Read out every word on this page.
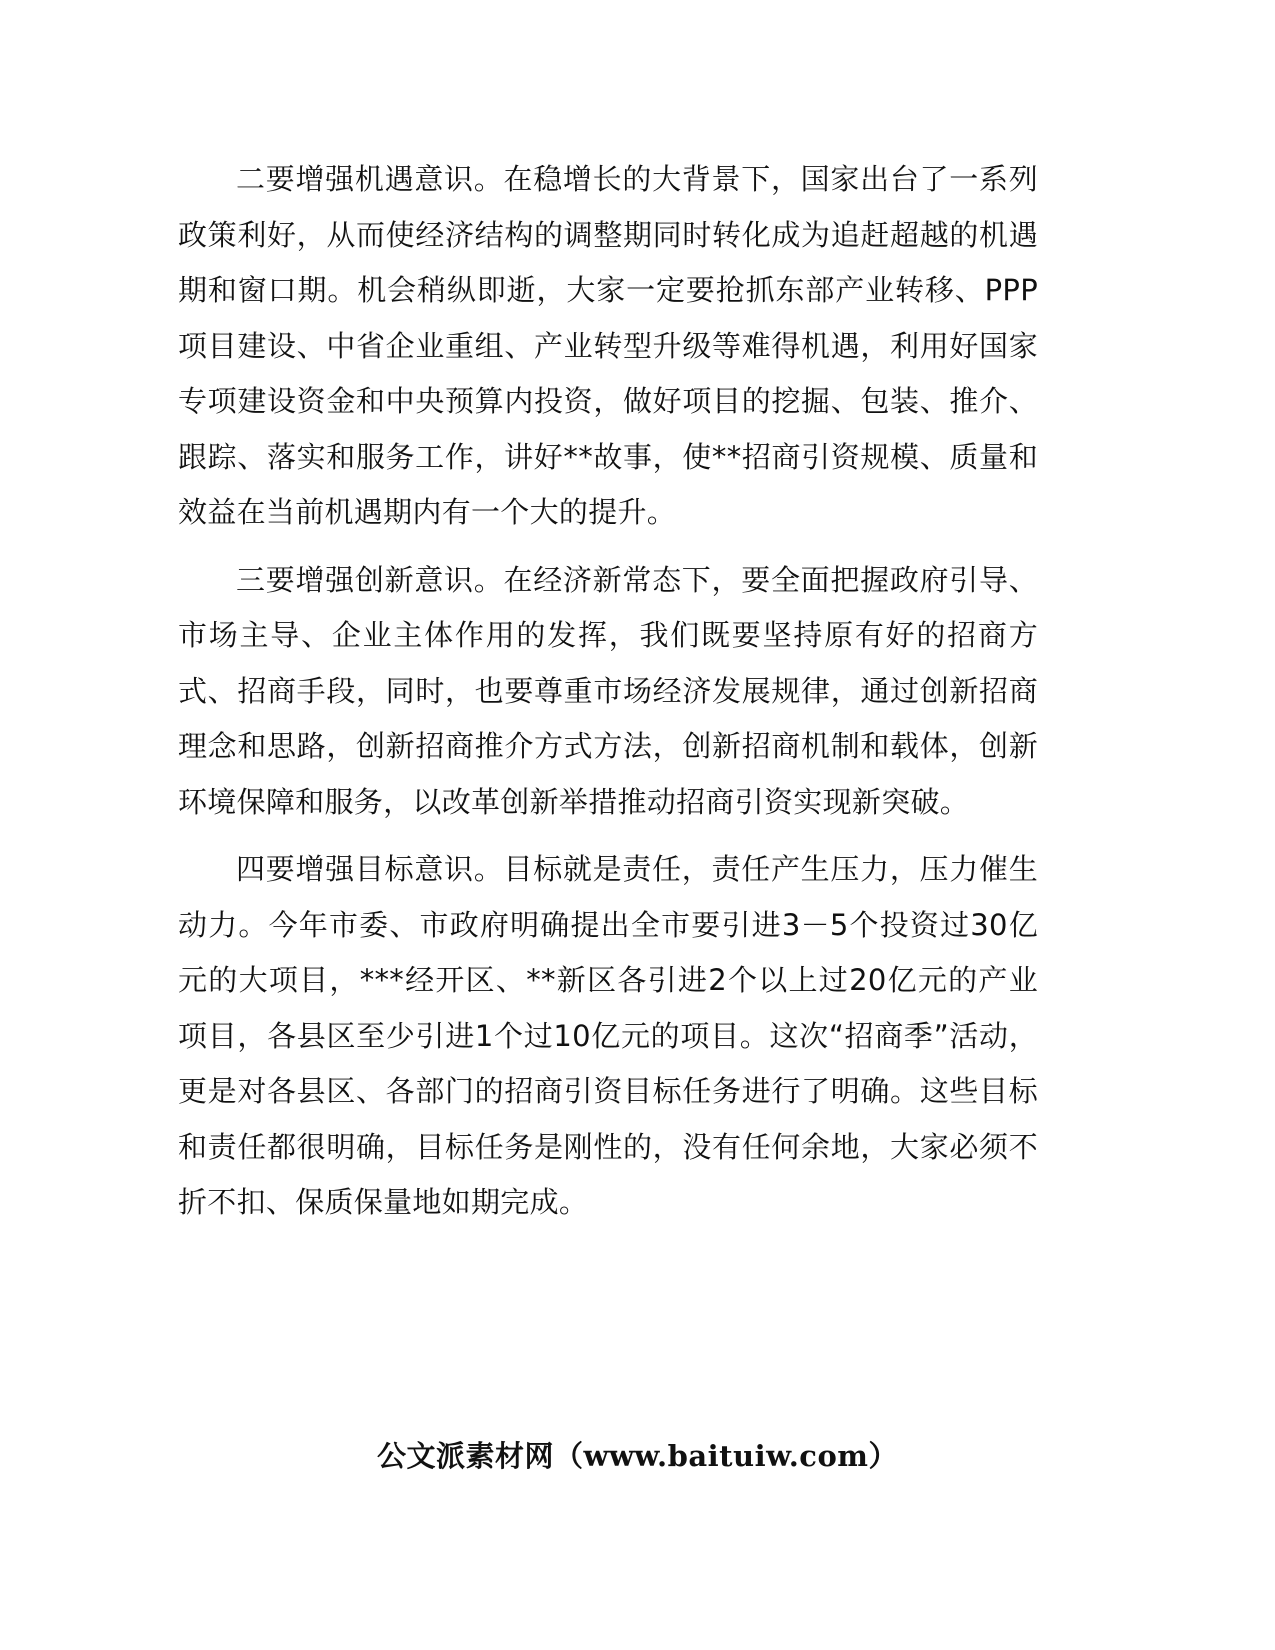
二要增强机遇意识。在稳增长的大背景下，国家出台了一系列政策利好，从而使经济结构的调整期同时转化成为追赶超越的机遇期和窗口期。机会稍纵即逝，大家一定要抢抓东部产业转移、PPP项目建设、中省企业重组、产业转型升级等难得机遇，利用好国家专项建设资金和中央预算内投资，做好项目的挖掘、包装、推介、跟踪、落实和服务工作，讲好**故事，使**招商引资规模、质量和效益在当前机遇期内有一个大的提升。

三要增强创新意识。在经济新常态下，要全面把握政府引导、市场主导、企业主体作用的发挥，我们既要坚持原有好的招商方式、招商手段，同时，也要尊重市场经济发展规律，通过创新招商理念和思路，创新招商推介方式方法，创新招商机制和载体，创新环境保障和服务，以改革创新举措推动招商引资实现新突破。

四要增强目标意识。目标就是责任，责任产生压力，压力催生动力。今年市委、市政府明确提出全市要引进3－5个投资过30亿元的大项目，***经开区、**新区各引进2个以上过20亿元的产业项目，各县区至少引进1个过10亿元的项目。这次“招商季”活动，更是对各县区、各部门的招商引资目标任务进行了明确。这些目标和责任都很明确，目标任务是刚性的，没有任何余地，大家必须不折不扣、保质保量地如期完成。

公文派素材网（www.baituiw.com）
